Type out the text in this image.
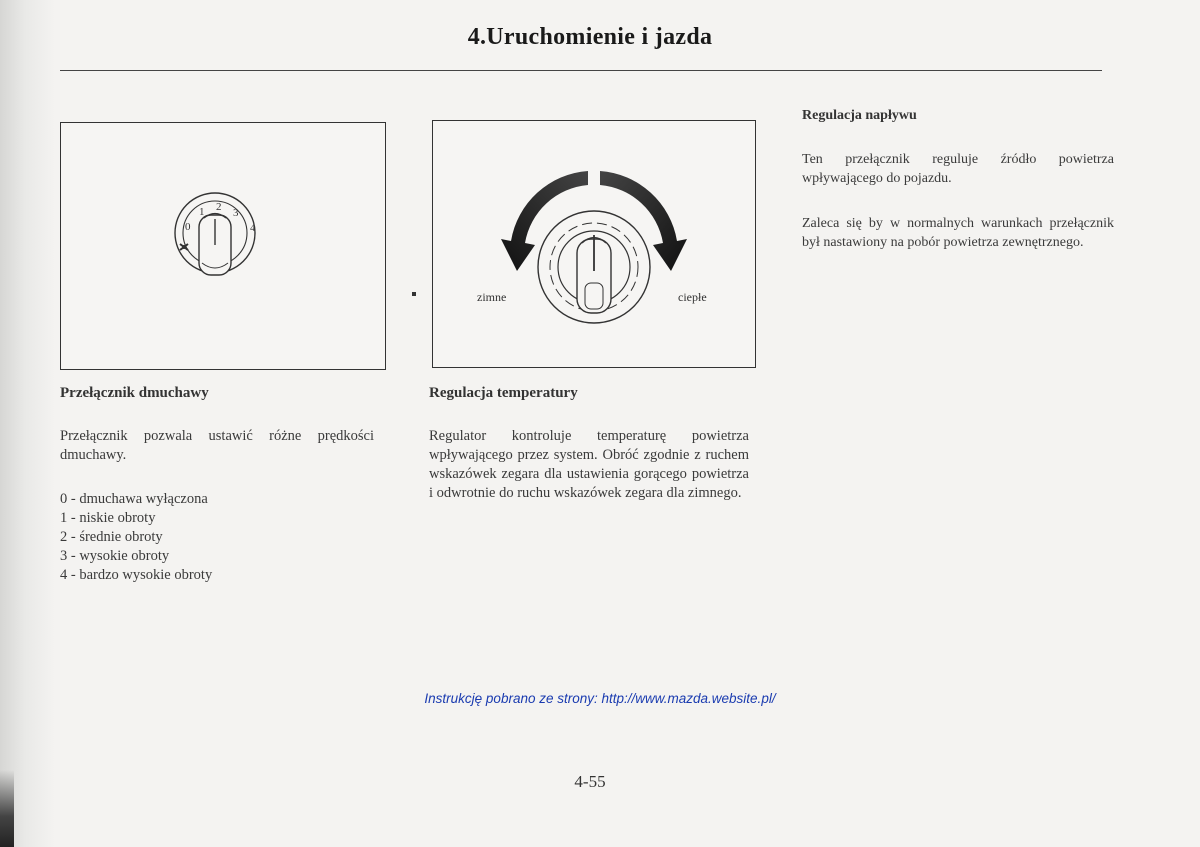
4.Uruchomienie i jazda
0
1 2 3
4
zimne	ciepłe
Przełącznik dmuchawy
Przełącznik pozwala ustawić różne prędkości dmuchawy.
0 - dmuchawa wyłączona
1 - niskie obroty
2 - średnie obroty
3 - wysokie obroty
4 - bardzo wysokie obroty
Regulacja temperatury
Regulator kontroluje temperaturę powietrza wpływającego przez system. Obróć zgodnie z ruchem wskazówek zegara dla ustawienia gorącego powietrza i odwrotnie do ruchu wskazówek zegara dla zimnego.
Regulacja napływu
Ten przełącznik reguluje źródło powietrza wpływającego do pojazdu.
Zaleca się by w normalnych warunkach przełącznik był nastawiony na pobór powietrza zewnętrznego.
Instrukcję pobrano ze strony: http://www.mazda.website.pl/
4-55
